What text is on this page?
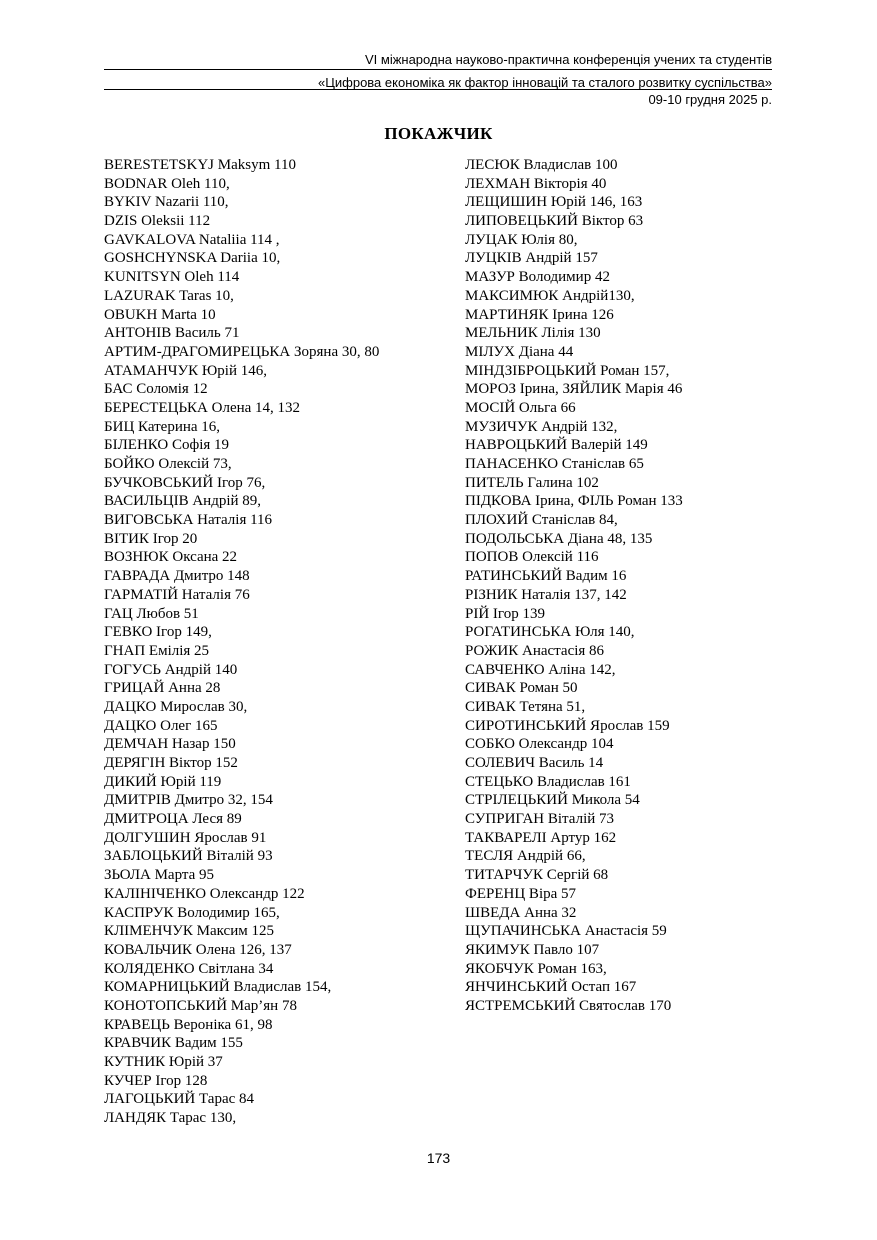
VI міжнародна науково-практична конференція учених та студентів
«Цифрова економіка як фактор інновацій та сталого розвитку суспільства»
09-10 грудня 2025 р.
ПОКАЖЧИК
BERESTETSKYJ Maksym 110
BODNAR Oleh 110,
BYKIV Nazarii 110,
DZIS Oleksii 112
GAVKALOVA Nataliia 114 ,
GOSHCHYNSKA Dariia 10,
KUNITSYN Oleh 114
LAZURAK Taras 10,
OBUKH Marta 10
АНТОНІВ Василь 71
АРТИМ-ДРАГОМИРЕЦЬКА Зоряна 30, 80
АТАМАНЧУК Юрій 146,
БАС Соломія 12
БЕРЕСТЕЦЬКА Олена 14, 132
БИЦ Катерина 16,
БІЛЕНКО Софія 19
БОЙКО Олексій 73,
БУЧКОВСЬКИЙ Ігор 76,
ВАСИЛЬЦІВ Андрій 89,
ВИГОВСЬКА Наталія 116
ВІТИК Ігор 20
ВОЗНЮК Оксана 22
ГАВРАДА Дмитро 148
ГАРМАТІЙ Наталія 76
ГАЦ Любов 51
ГЕВКО Ігор 149,
ГНАП Емілія 25
ГОГУСЬ Андрій 140
ГРИЦАЙ Анна 28
ДАЦКО Мирослав 30,
ДАЦКО Олег 165
ДЕМЧАН Назар 150
ДЕРЯГІН Віктор 152
ДИКИЙ Юрій 119
ДМИТРІВ Дмитро 32, 154
ДМИТРОЦА Леся 89
ДОЛГУШИН Ярослав 91
ЗАБЛОЦЬКИЙ Віталій 93
ЗЬОЛА Марта 95
КАЛІНІЧЕНКО Олександр 122
КАСПРУК Володимир 165,
КЛІМЕНЧУК Максим 125
КОВАЛЬЧИК Олена 126, 137
КОЛЯДЕНКО Світлана 34
КОМАРНИЦЬКИЙ Владислав 154,
КОНОТОПСЬКИЙ Мар’ян 78
КРАВЕЦЬ Вероніка 61, 98
КРАВЧИК Вадим 155
КУТНИК Юрій 37
КУЧЕР Ігор 128
ЛАГОЦЬКИЙ Тарас 84
ЛАНДЯК Тарас 130,
ЛЕСЮК Владислав 100
ЛЕХМАН Вікторія 40
ЛЕЩИШИН Юрій 146, 163
ЛИПОВЕЦЬКИЙ Віктор 63
ЛУЦАК Юлія 80,
ЛУЦКІВ Андрій 157
МАЗУР Володимир 42
МАКСИМЮК Андрій130,
МАРТИНЯК Ірина 126
МЕЛЬНИК Лілія 130
МІЛУХ Діана 44
МІНДЗІБРОЦЬКИЙ Роман 157,
МОРОЗ Ірина, ЗЯЙЛИК Марія 46
МОСІЙ Ольга 66
МУЗИЧУК Андрій 132,
НАВРОЦЬКИЙ Валерій 149
ПАНАСЕНКО Станіслав 65
ПИТЕЛЬ Галина 102
ПІДКОВА Ірина, ФІЛЬ Роман 133
ПЛОХИЙ Станіслав 84,
ПОДОЛЬСЬКА Діана 48, 135
ПОПОВ Олексій 116
РАТИНСЬКИЙ Вадим 16
РІЗНИК Наталія 137, 142
РІЙ Ігор 139
РОГАТИНСЬКА Юля 140,
РОЖИК Анастасія 86
САВЧЕНКО Аліна 142,
СИВАК Роман 50
СИВАК Тетяна 51,
СИРОТИНСЬКИЙ Ярослав 159
СОБКО Олександр 104
СОЛЕВИЧ Василь 14
СТЕЦЬКО Владислав 161
СТРІЛЕЦЬКИЙ Микола 54
СУПРИГАН Віталій 73
ТАКВАРЕЛІ Артур 162
ТЕСЛЯ Андрій 66,
ТИТАРЧУК Сергій 68
ФЕРЕНЦ Віра 57
ШВЕДА Анна 32
ЩУПАЧИНСЬКА Анастасія 59
ЯКИМУК Павло 107
ЯКОБЧУК Роман 163,
ЯНЧИНСЬКИЙ Остап 167
ЯСТРЕМСЬКИЙ Святослав 170
173
